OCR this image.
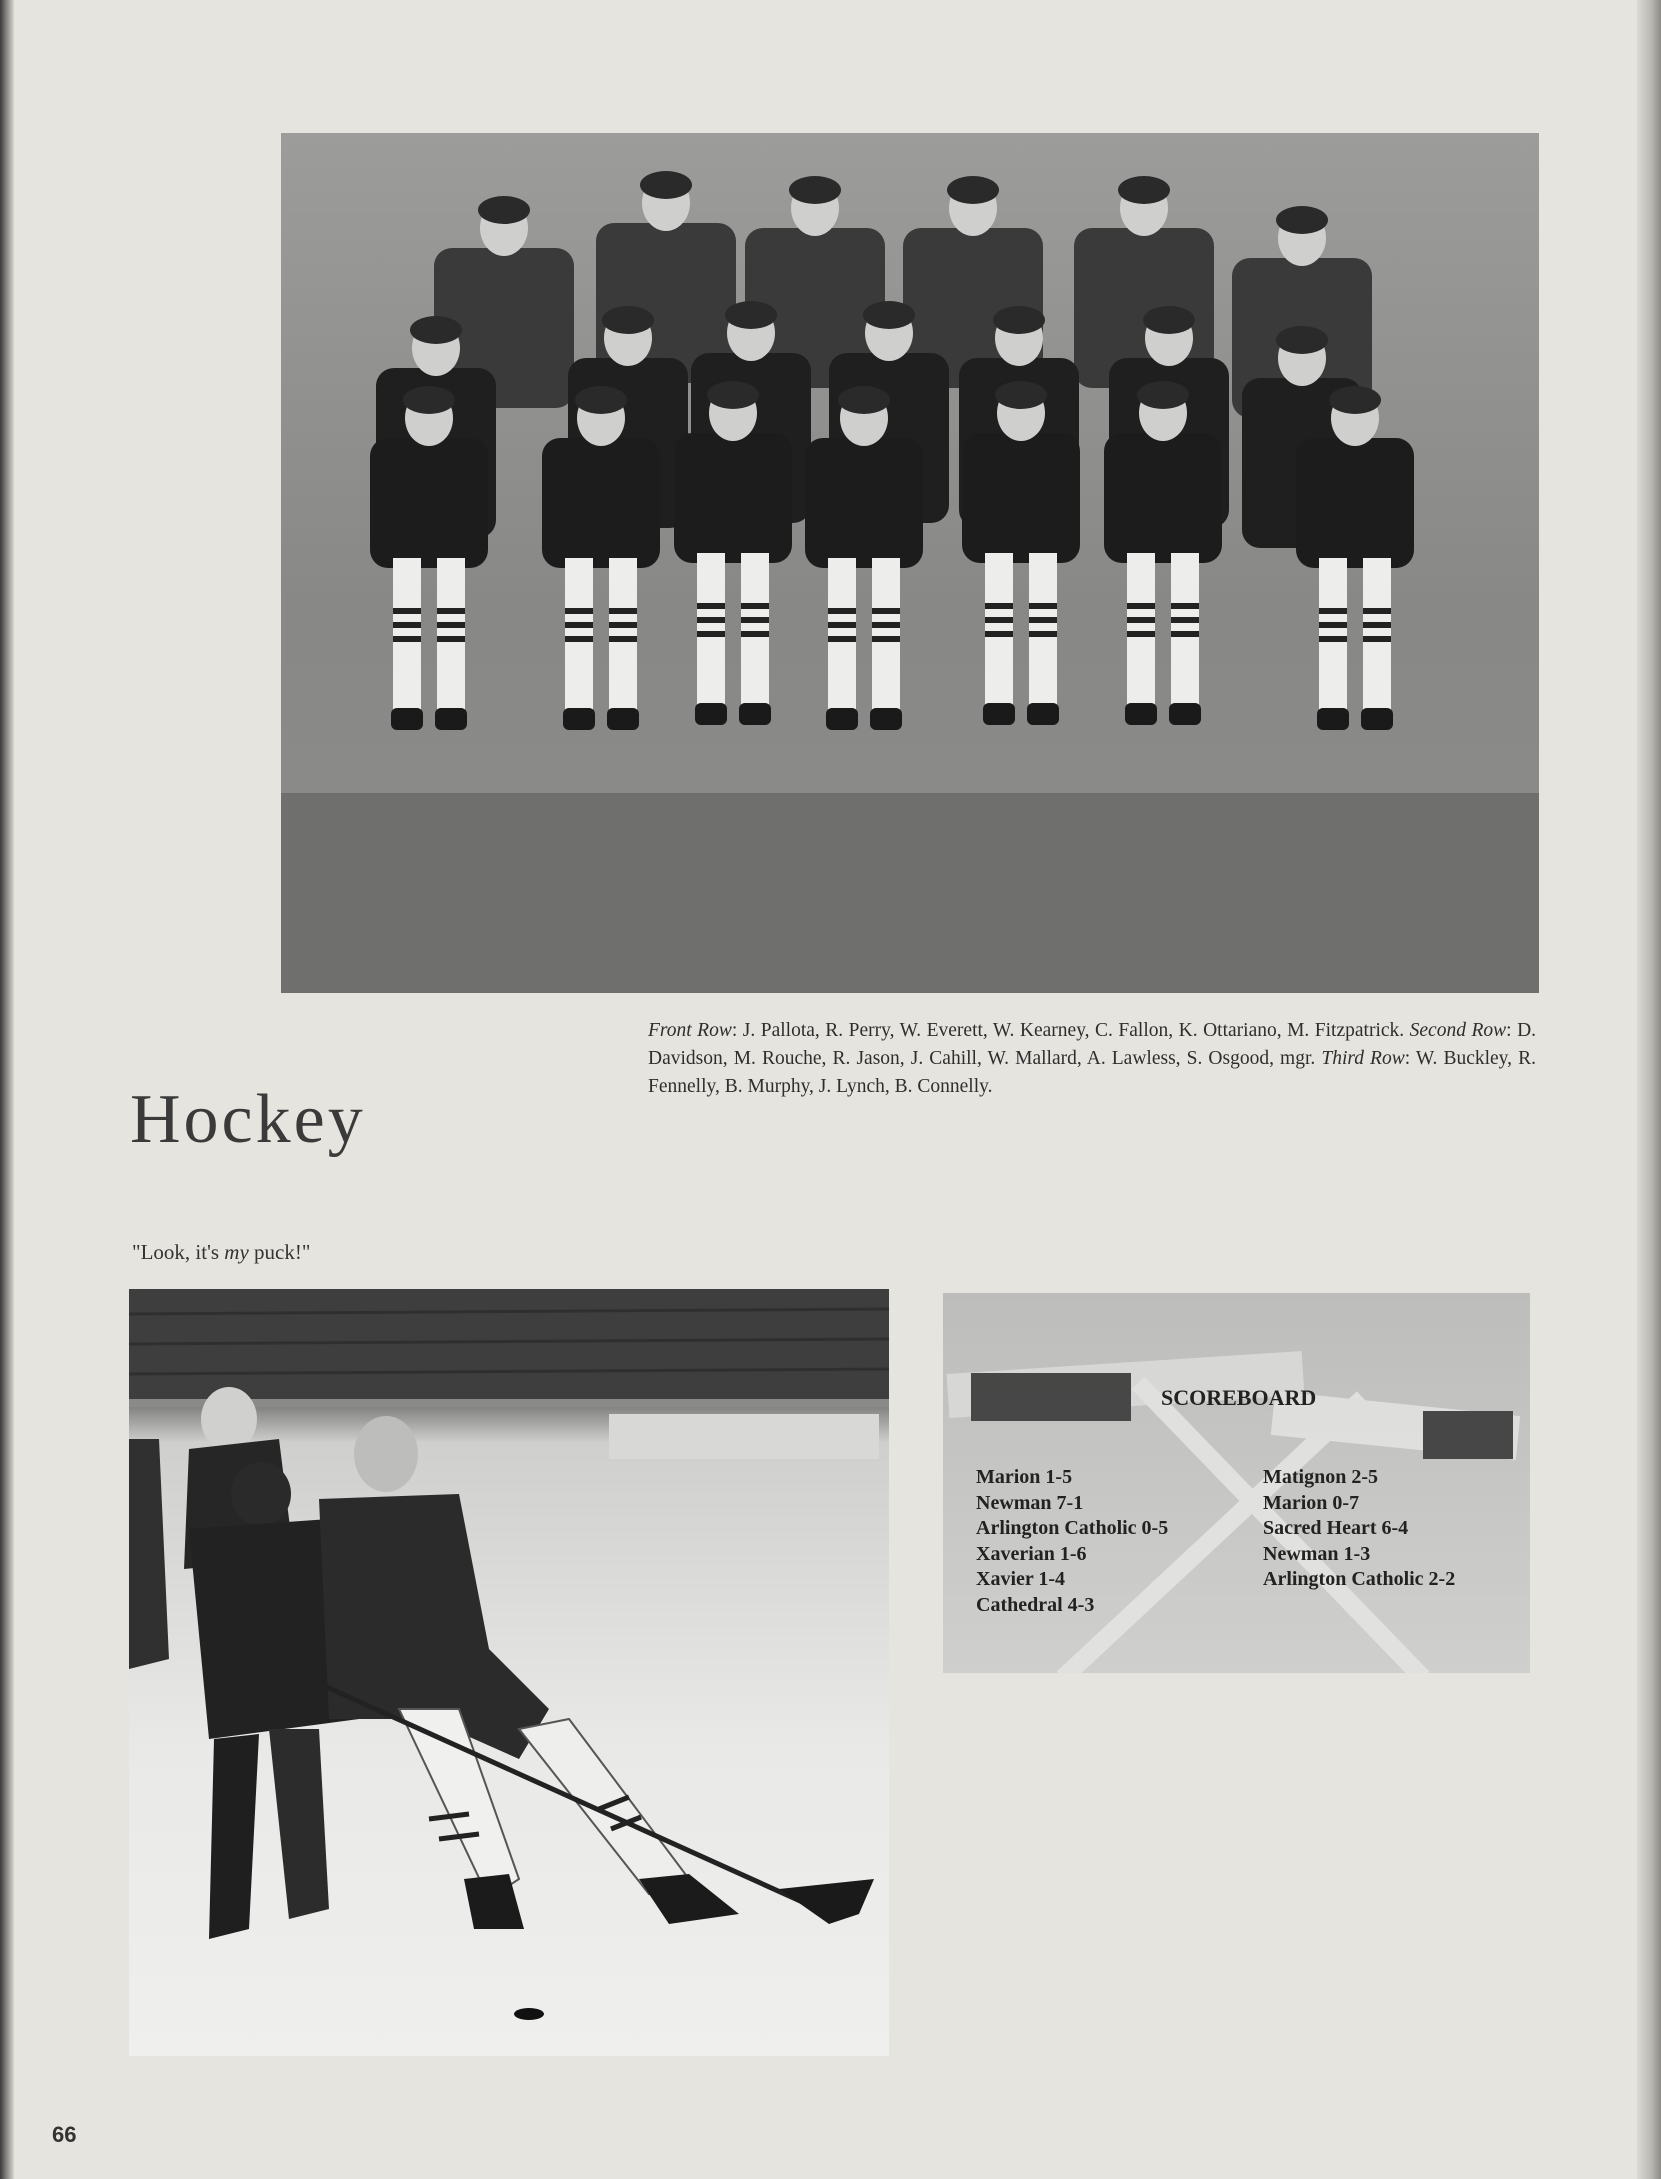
Front Row: J. Pallota, R. Perry, W. Everett, W. Kearney, C. Fallon, K. Ottariano, M. Fitzpatrick. Second Row: D. Davidson, M. Rouche, R. Jason, J. Cahill, W. Mallard, A. Lawless, S. Osgood, mgr. Third Row: W. Buckley, R. Fennelly, B. Murphy, J. Lynch, B. Connelly.

Hockey

"Look, it's my puck!"

SCOREBOARD

Marion 1-5
Newman 7-1
Arlington Catholic 0-5
Xaverian 1-6
Xavier 1-4
Cathedral 4-3
Matignon 2-5
Marion 0-7
Sacred Heart 6-4
Newman 1-3
Arlington Catholic 2-2

66
